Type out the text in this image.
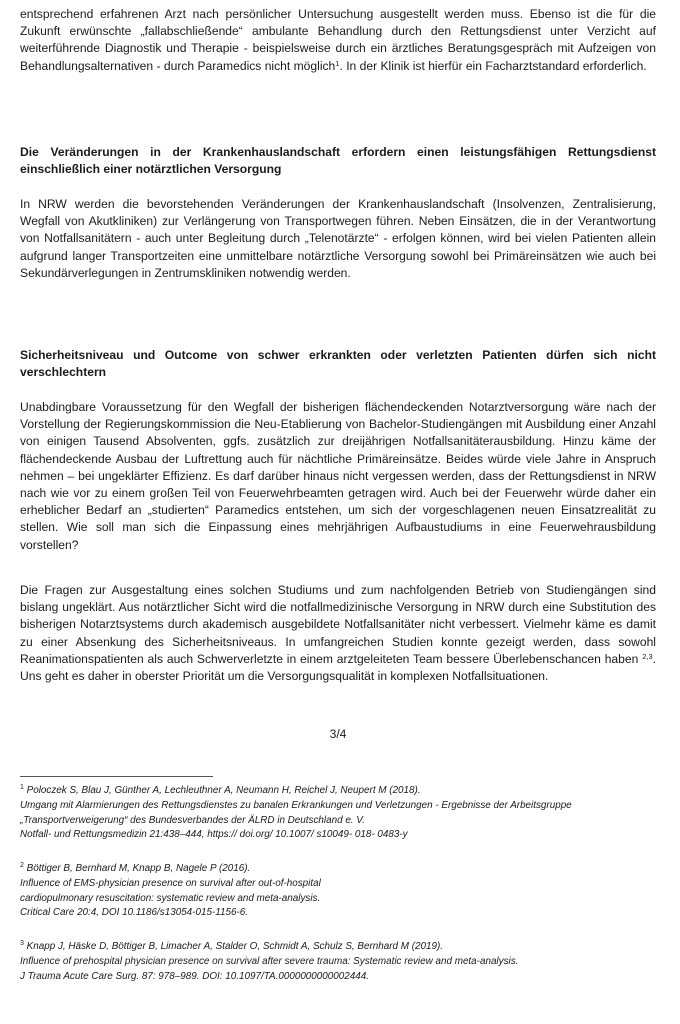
entsprechend erfahrenen Arzt nach persönlicher Untersuchung ausgestellt werden muss. Ebenso ist die für die Zukunft erwünschte „fallabschließende“ ambulante Behandlung durch den Rettungsdienst unter Verzicht auf weiterführende Diagnostik und Therapie - beispielsweise durch ein ärztliches Beratungsgespräch mit Aufzeigen von Behandlungsalternativen - durch Paramedics nicht möglich$^1$. In der Klinik ist hierfür ein Facharztstandard erforderlich.

Die Veränderungen in der Krankenhauslandschaft erfordern einen leistungsfähigen Rettungsdienst einschließlich einer notärztlichen Versorgung

In NRW werden die bevorstehenden Veränderungen der Krankenhauslandschaft (Insolvenzen, Zentralisierung, Wegfall von Akutkliniken) zur Verlängerung von Transportwegen führen. Neben Einsätzen, die in der Verantwortung von Notfallsanitätern - auch unter Begleitung durch „Telenotärzte“ - erfolgen können, wird bei vielen Patienten allein aufgrund langer Transportzeiten eine unmittelbare notärztliche Versorgung sowohl bei Primäreinsätzen wie auch bei Sekundärverlegungen in Zentrumskliniken notwendig werden.

Sicherheitsniveau und Outcome von schwer erkrankten oder verletzten Patienten dürfen sich nicht verschlechtern

Unabdingbare Voraussetzung für den Wegfall der bisherigen flächendeckenden Notarztversorgung wäre nach der Vorstellung der Regierungskommission die Neu-Etablierung von Bachelor-Studiengängen mit Ausbildung einer Anzahl von einigen Tausend Absolventen, ggfs. zusätzlich zur dreijährigen Notfallsanitäterausbildung. Hinzu käme der flächendeckende Ausbau der Luftrettung auch für nächtliche Primäreinsätze. Beides würde viele Jahre in Anspruch nehmen – bei ungeklärter Effizienz. Es darf darüber hinaus nicht vergessen werden, dass der Rettungsdienst in NRW nach wie vor zu einem großen Teil von Feuerwehrbeamten getragen wird. Auch bei der Feuerwehr würde daher ein erheblicher Bedarf an „studierten“ Paramedics entstehen, um sich der vorgeschlagenen neuen Einsatzrealität zu stellen. Wie soll man sich die Einpassung eines mehrjährigen Aufbaustudiums in eine Feuerwehrausbildung vorstellen?

Die Fragen zur Ausgestaltung eines solchen Studiums und zum nachfolgenden Betrieb von Studiengängen sind bislang ungeklärt. Aus notärztlicher Sicht wird die notfallmedizinische Versorgung in NRW durch eine Substitution des bisherigen Notarztsystems durch akademisch ausgebildete Notfallsanitäter nicht verbessert. Vielmehr käme es damit zu einer Absenkung des Sicherheitsniveaus. In umfangreichen Studien konnte gezeigt werden, dass sowohl Reanimationspatienten als auch Schwerverletzte in einem arztgeleiteten Team bessere Überlebenschancen haben $^{2,3}$. Uns geht es daher in oberster Priorität um die Versorgungsqualität in komplexen Notfallsituationen.

3/4

$^1$ Poloczek S, Blau J, Günther A, Lechleuthner A, Neumann H, Reichel J, Neupert M (2018).
Umgang mit Alarmierungen des Rettungsdienstes zu banalen Erkrankungen und Verletzungen - Ergebnisse der Arbeitsgruppe
„Transportverweigerung“ des Bundesverbandes der ÄLRD in Deutschland e. V.
Notfall- und Rettungsmedizin 21:438–444, https:// doi.org/ 10.1007/ s10049- 018- 0483-y

$^2$ Böttiger B, Bernhard M, Knapp B, Nagele P (2016).
Influence of EMS-physician presence on survival after out-of-hospital
cardiopulmonary resuscitation: systematic review and meta-analysis.
Critical Care 20:4, DOI 10.1186/s13054-015-1156-6.

$^3$ Knapp J, Häske D, Böttiger B, Limacher A, Stalder O, Schmidt A, Schulz S, Bernhard M (2019).
Influence of prehospital physician presence on survival after severe trauma: Systematic review and meta-analysis.
J Trauma Acute Care Surg. 87: 978–989. DOI: 10.1097/TA.0000000000002444.
